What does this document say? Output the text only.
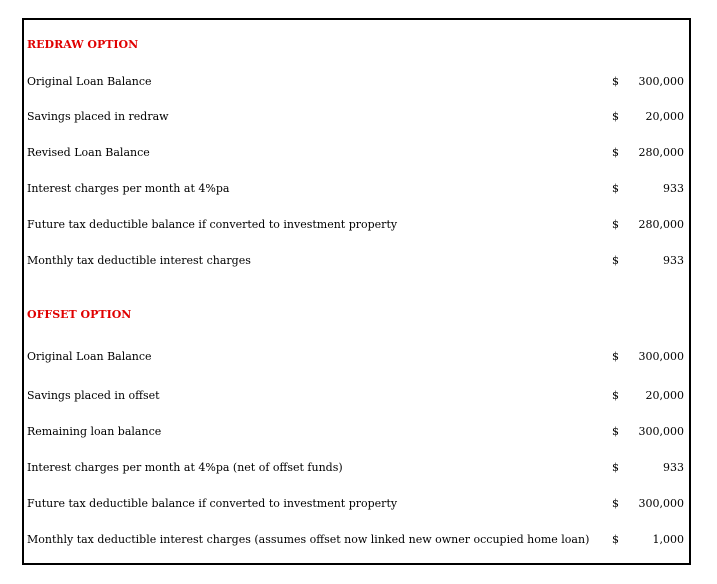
REDRAW OPTION
Original Loan Balance	$	300,000
Savings placed in redraw	$	20,000
Revised Loan Balance	$	280,000
Interest charges per month at 4%pa	$	933
Future tax deductible balance if converted to investment property	$	280,000
Monthly tax deductible interest charges	$	933
OFFSET OPTION
Original Loan Balance	$	300,000
Savings placed in offset	$	20,000
Remaining loan balance	$	300,000
Interest charges per month at 4%pa (net of offset funds)	$	933
Future tax deductible balance if converted to investment property	$	300,000
Monthly tax deductible interest charges (assumes offset now linked new owner occupied home loan) $	1,000
